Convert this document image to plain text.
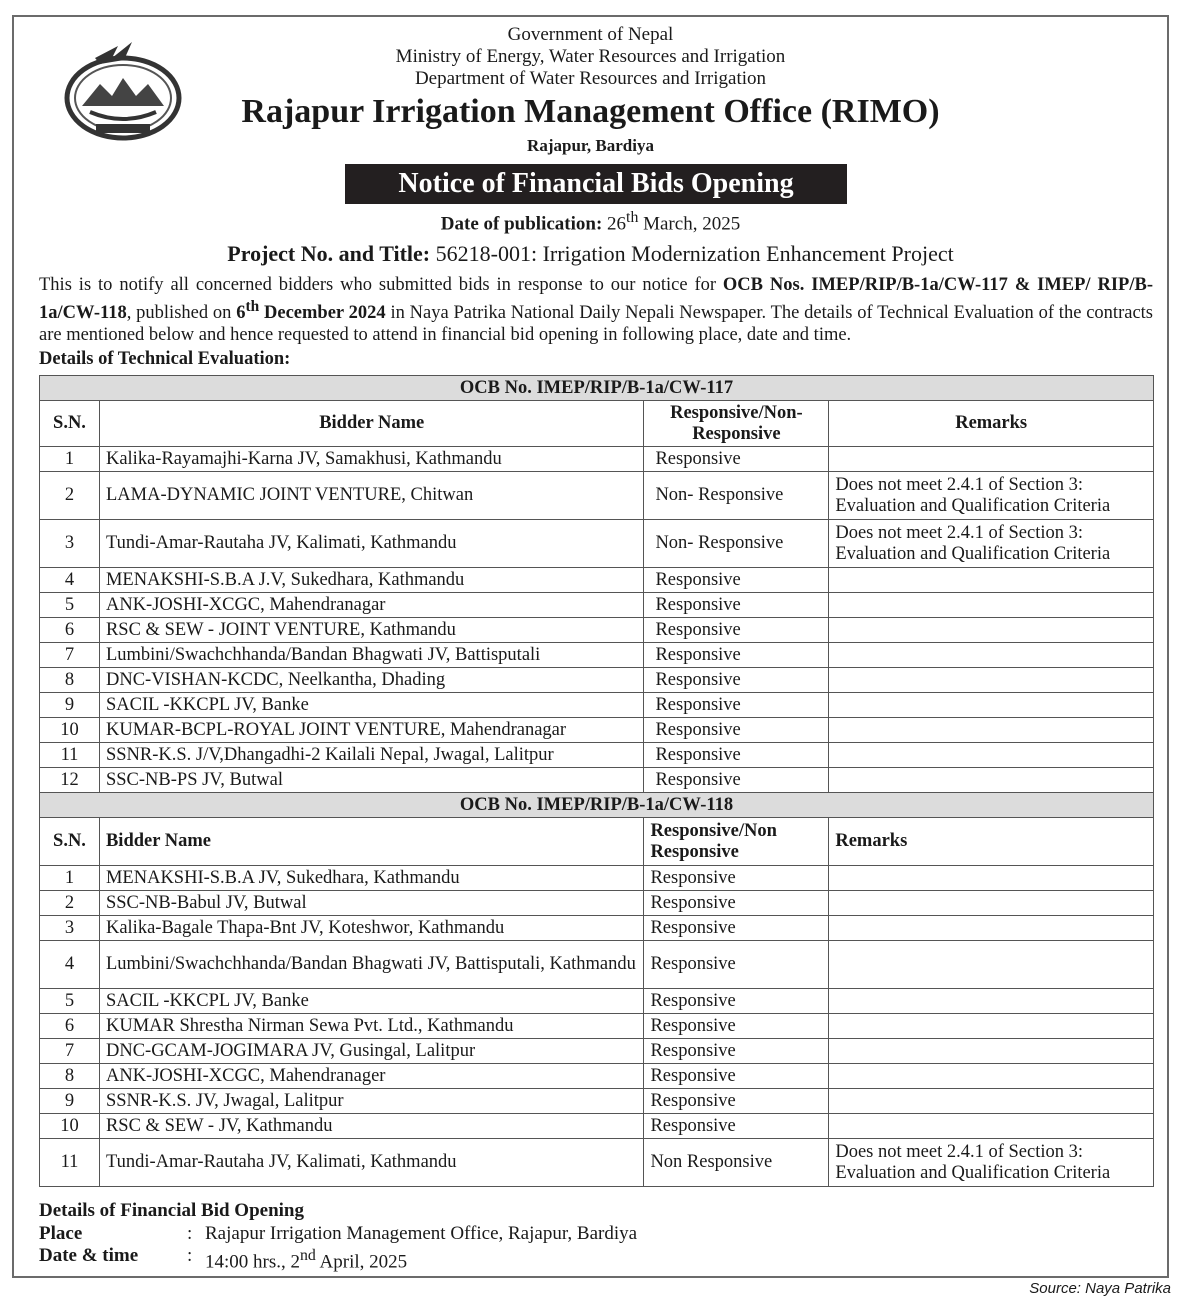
Government of Nepal
Ministry of Energy, Water Resources and Irrigation
Department of Water Resources and Irrigation
Rajapur Irrigation Management Office (RIMO)
Rajapur, Bardiya
Notice of Financial Bids Opening
Date of publication: 26th March, 2025
Project No. and Title: 56218-001: Irrigation Modernization Enhancement Project
This is to notify all concerned bidders who submitted bids in response to our notice for OCB Nos. IMEP/RIP/B-1a/CW-117 & IMEP/ RIP/B-1a/CW-118, published on 6th December 2024 in Naya Patrika National Daily Nepali Newspaper. The details of Technical Evaluation of the contracts are mentioned below and hence requested to attend in financial bid opening in following place, date and time.
Details of Technical Evaluation:
OCB No. IMEP/RIP/B-1a/CW-117			
S.N.	Bidder Name	Responsive/Non-Responsive	Remarks
1	Kalika-Rayamajhi-Karna JV, Samakhusi, Kathmandu	Responsive	
2	LAMA-DYNAMIC JOINT VENTURE, Chitwan	Non- Responsive	Does not meet 2.4.1 of Section 3: Evaluation and Qualification Criteria
3	Tundi-Amar-Rautaha JV, Kalimati, Kathmandu	Non- Responsive	Does not meet 2.4.1 of Section 3: Evaluation and Qualification Criteria
4	MENAKSHI-S.B.A J.V, Sukedhara, Kathmandu	Responsive	
5	ANK-JOSHI-XCGC, Mahendranagar	Responsive	
6	RSC & SEW - JOINT VENTURE, Kathmandu	Responsive	
7	Lumbini/Swachchhanda/Bandan Bhagwati JV, Battisputali	Responsive	
8	DNC-VISHAN-KCDC, Neelkantha, Dhading	Responsive	
9	SACIL -KKCPL JV, Banke	Responsive	
10	KUMAR-BCPL-ROYAL JOINT VENTURE, Mahendranagar	Responsive	
11	SSNR-K.S. J/V,Dhangadhi-2 Kailali Nepal, Jwagal, Lalitpur	Responsive	
12	SSC-NB-PS JV, Butwal	Responsive	
OCB No. IMEP/RIP/B-1a/CW-118			
S.N.	Bidder Name	Responsive/Non Responsive	Remarks
1	MENAKSHI-S.B.A JV, Sukedhara, Kathmandu	Responsive	
2	SSC-NB-Babul JV, Butwal	Responsive	
3	Kalika-Bagale Thapa-Bnt JV, Koteshwor, Kathmandu	Responsive	
4	Lumbini/Swachchhanda/Bandan Bhagwati JV, Battisputali, Kathmandu	Responsive	
5	SACIL -KKCPL JV, Banke	Responsive	
6	KUMAR Shrestha Nirman Sewa Pvt. Ltd., Kathmandu	Responsive	
7	DNC-GCAM-JOGIMARA JV, Gusingal, Lalitpur	Responsive	
8	ANK-JOSHI-XCGC, Mahendranager	Responsive	
9	SSNR-K.S. JV, Jwagal, Lalitpur	Responsive	
10	RSC & SEW - JV, Kathmandu	Responsive	
11	Tundi-Amar-Rautaha JV, Kalimati, Kathmandu	Non Responsive	Does not meet 2.4.1 of Section 3: Evaluation and Qualification Criteria
Details of Financial Bid Opening
Place	: Rajapur Irrigation Management Office, Rajapur, Bardiya
Date & time	: 14:00 hrs., 2nd April, 2025
Source: Naya Patrika
